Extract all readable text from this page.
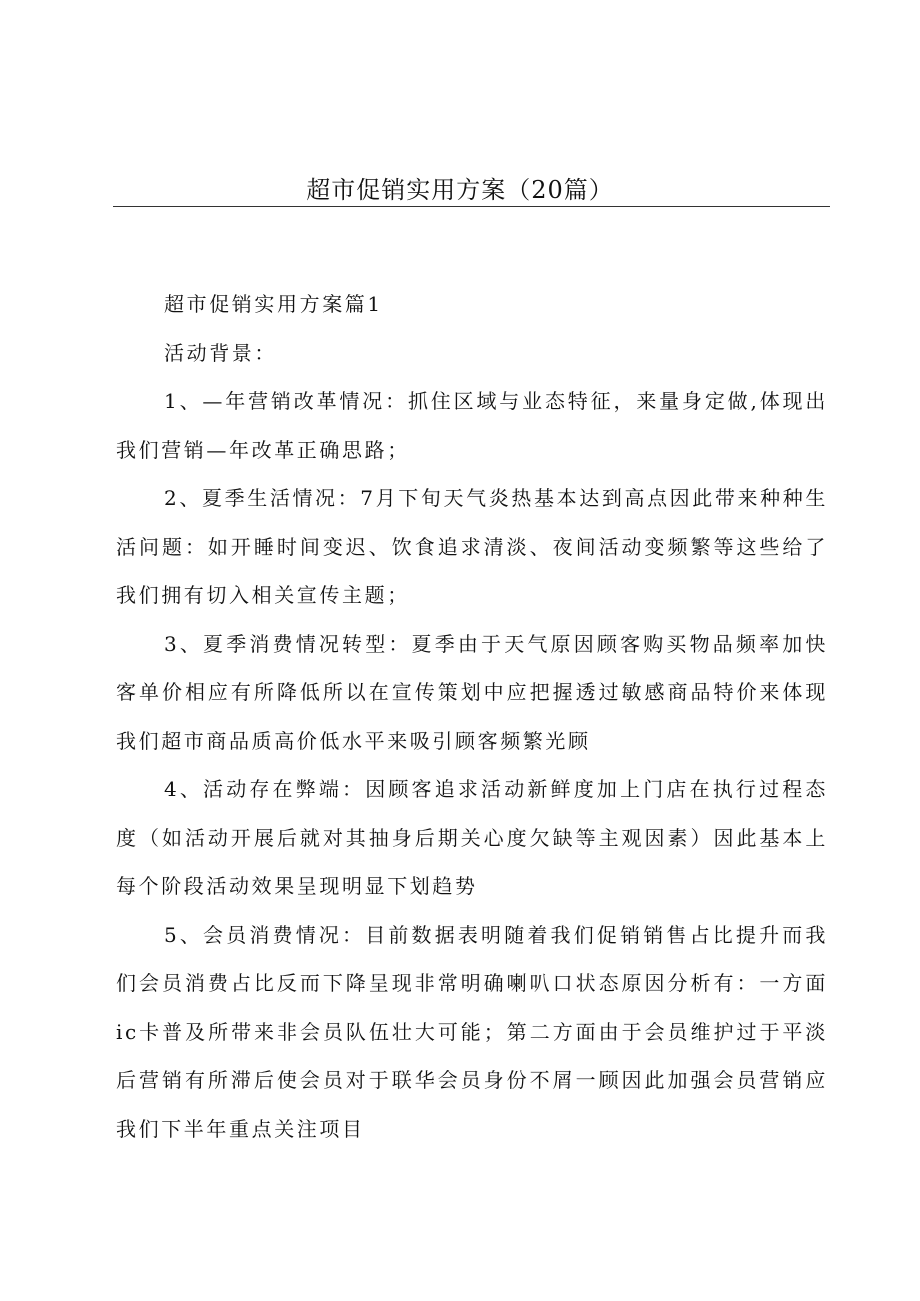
超市促销实用方案（20篇）

超市促销实用方案篇1

活动背景：

1、—年营销改革情况：抓住区域与业态特征，来量身定做,体现出我们营销—年改革正确思路；

2、夏季生活情况：7月下旬天气炎热基本达到高点因此带来种种生活问题：如开睡时间变迟、饮食追求清淡、夜间活动变频繁等这些给了我们拥有切入相关宣传主题；

3、夏季消费情况转型：夏季由于天气原因顾客购买物品频率加快客单价相应有所降低所以在宣传策划中应把握透过敏感商品特价来体现我们超市商品质高价低水平来吸引顾客频繁光顾

4、活动存在弊端：因顾客追求活动新鲜度加上门店在执行过程态度（如活动开展后就对其抽身后期关心度欠缺等主观因素）因此基本上每个阶段活动效果呈现明显下划趋势

5、会员消费情况：目前数据表明随着我们促销销售占比提升而我们会员消费占比反而下降呈现非常明确喇叭口状态原因分析有：一方面ic卡普及所带来非会员队伍壮大可能；第二方面由于会员维护过于平淡后营销有所滞后使会员对于联华会员身份不屑一顾因此加强会员营销应我们下半年重点关注项目
